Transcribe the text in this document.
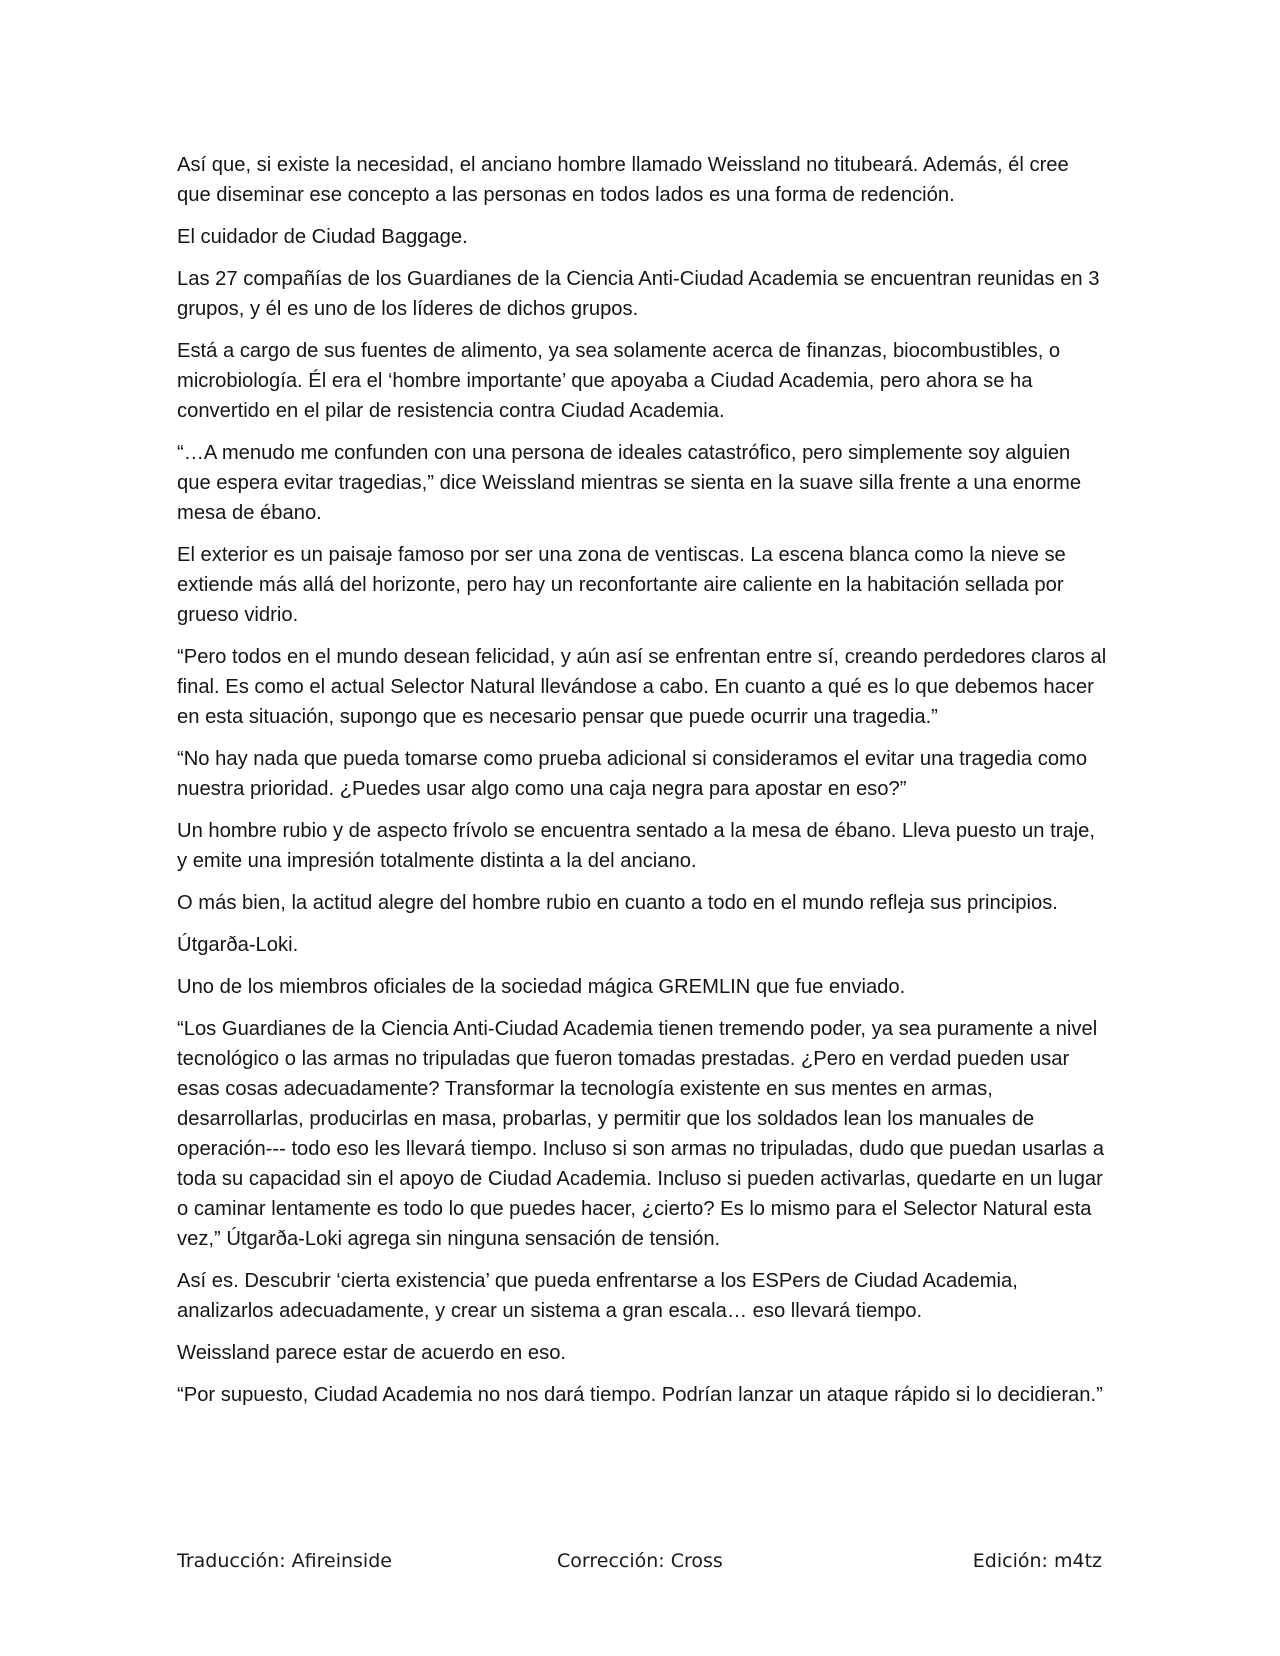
Así que, si existe la necesidad, el anciano hombre llamado Weissland no titubeará. Además, él cree que diseminar ese concepto a las personas en todos lados es una forma de redención.

El cuidador de Ciudad Baggage.

Las 27 compañías de los Guardianes de la Ciencia Anti-Ciudad Academia se encuentran reunidas en 3 grupos, y él es uno de los líderes de dichos grupos.

Está a cargo de sus fuentes de alimento, ya sea solamente acerca de finanzas, biocombustibles, o microbiología. Él era el ‘hombre importante’ que apoyaba a Ciudad Academia, pero ahora se ha convertido en el pilar de resistencia contra Ciudad Academia.

“…A menudo me confunden con una persona de ideales catastrófico, pero simplemente soy alguien que espera evitar tragedias,” dice Weissland mientras se sienta en la suave silla frente a una enorme mesa de ébano.

El exterior es un paisaje famoso por ser una zona de ventiscas. La escena blanca como la nieve se extiende más allá del horizonte, pero hay un reconfortante aire caliente en la habitación sellada por grueso vidrio.

“Pero todos en el mundo desean felicidad, y aún así se enfrentan entre sí, creando perdedores claros al final. Es como el actual Selector Natural llevándose a cabo. En cuanto a qué es lo que debemos hacer en esta situación, supongo que es necesario pensar que puede ocurrir una tragedia.”

“No hay nada que pueda tomarse como prueba adicional si consideramos el evitar una tragedia como nuestra prioridad. ¿Puedes usar algo como una caja negra para apostar en eso?”

Un hombre rubio y de aspecto frívolo se encuentra sentado a la mesa de ébano. Lleva puesto un traje, y emite una impresión totalmente distinta a la del anciano.

O más bien, la actitud alegre del hombre rubio en cuanto a todo en el mundo refleja sus principios.

Útgarða-Loki.

Uno de los miembros oficiales de la sociedad mágica GREMLIN que fue enviado.

“Los Guardianes de la Ciencia Anti-Ciudad Academia tienen tremendo poder, ya sea puramente a nivel tecnológico o las armas no tripuladas que fueron tomadas prestadas. ¿Pero en verdad pueden usar esas cosas adecuadamente? Transformar la tecnología existente en sus mentes en armas, desarrollarlas, producirlas en masa, probarlas, y permitir que los soldados lean los manuales de operación--- todo eso les llevará tiempo. Incluso si son armas no tripuladas, dudo que puedan usarlas a toda su capacidad sin el apoyo de Ciudad Academia. Incluso si pueden activarlas, quedarte en un lugar o caminar lentamente es todo lo que puedes hacer, ¿cierto? Es lo mismo para el Selector Natural esta vez,” Útgarða-Loki agrega sin ninguna sensación de tensión.

Así es. Descubrir ‘cierta existencia’ que pueda enfrentarse a los ESPers de Ciudad Academia, analizarlos adecuadamente, y crear un sistema a gran escala… eso llevará tiempo.

Weissland parece estar de acuerdo en eso.

“Por supuesto, Ciudad Academia no nos dará tiempo. Podrían lanzar un ataque rápido si lo decidieran.”

Traducción: Afireinside	Corrección: Cross	Edición: m4tz
